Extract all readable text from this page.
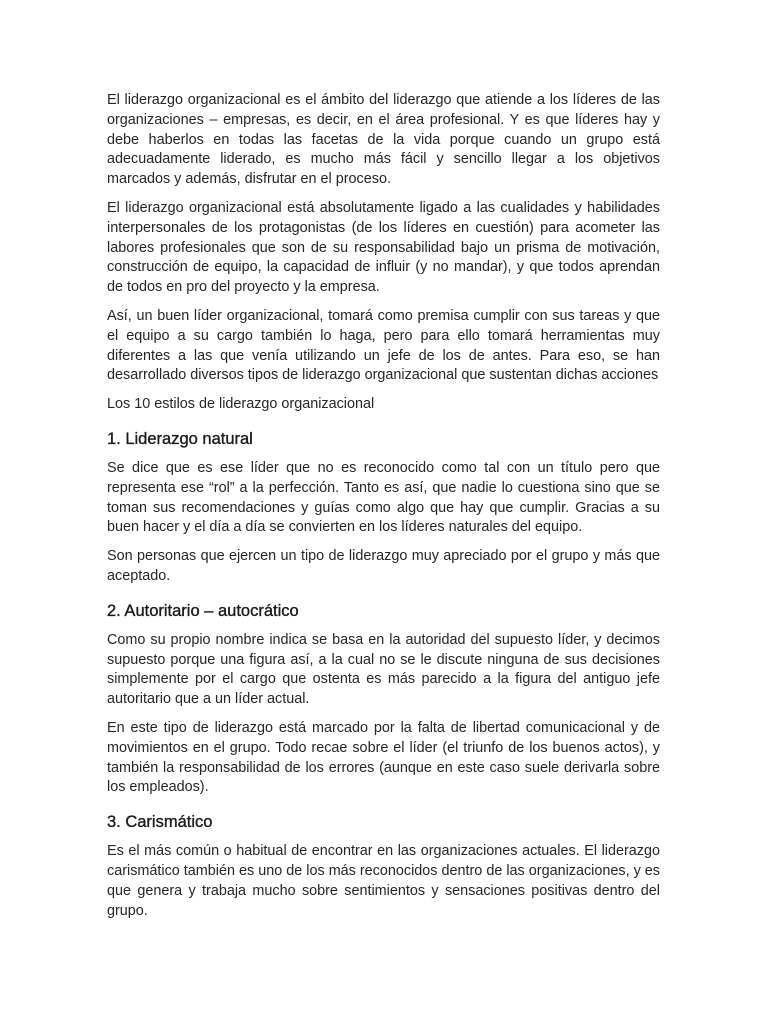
El liderazgo organizacional es el ámbito del liderazgo que atiende a los líderes de las organizaciones – empresas, es decir, en el área profesional. Y es que líderes hay y debe haberlos en todas las facetas de la vida porque cuando un grupo está adecuadamente liderado, es mucho más fácil y sencillo llegar a los objetivos marcados y además, disfrutar en el proceso.

El liderazgo organizacional está absolutamente ligado a las cualidades y habilidades interpersonales de los protagonistas (de los líderes en cuestión) para acometer las labores profesionales que son de su responsabilidad bajo un prisma de motivación, construcción de equipo, la capacidad de influir (y no mandar), y que todos aprendan de todos en pro del proyecto y la empresa.

Así, un buen líder organizacional, tomará como premisa cumplir con sus tareas y que el equipo a su cargo también lo haga, pero para ello tomará herramientas muy diferentes a las que venía utilizando un jefe de los de antes. Para eso, se han desarrollado diversos tipos de liderazgo organizacional que sustentan dichas acciones

Los 10 estilos de liderazgo organizacional

1. Liderazgo natural

Se dice que es ese líder que no es reconocido como tal con un título pero que representa ese “rol” a la perfección. Tanto es así, que nadie lo cuestiona sino que se toman sus recomendaciones y guías como algo que hay que cumplir. Gracias a su buen hacer y el día a día se convierten en los líderes naturales del equipo.

Son personas que ejercen un tipo de liderazgo muy apreciado por el grupo y más que aceptado.

2. Autoritario – autocrático

Como su propio nombre indica se basa en la autoridad del supuesto líder, y decimos supuesto porque una figura así, a la cual no se le discute ninguna de sus decisiones simplemente por el cargo que ostenta es más parecido a la figura del antiguo jefe autoritario que a un líder actual.

En este tipo de liderazgo está marcado por la falta de libertad comunicacional y de movimientos en el grupo. Todo recae sobre el líder (el triunfo de los buenos actos), y también la responsabilidad de los errores (aunque en este caso suele derivarla sobre los empleados).

3. Carismático

Es el más común o habitual de encontrar en las organizaciones actuales. El liderazgo carismático también es uno de los más reconocidos dentro de las organizaciones, y es que genera y trabaja mucho sobre sentimientos y sensaciones positivas dentro del grupo.
